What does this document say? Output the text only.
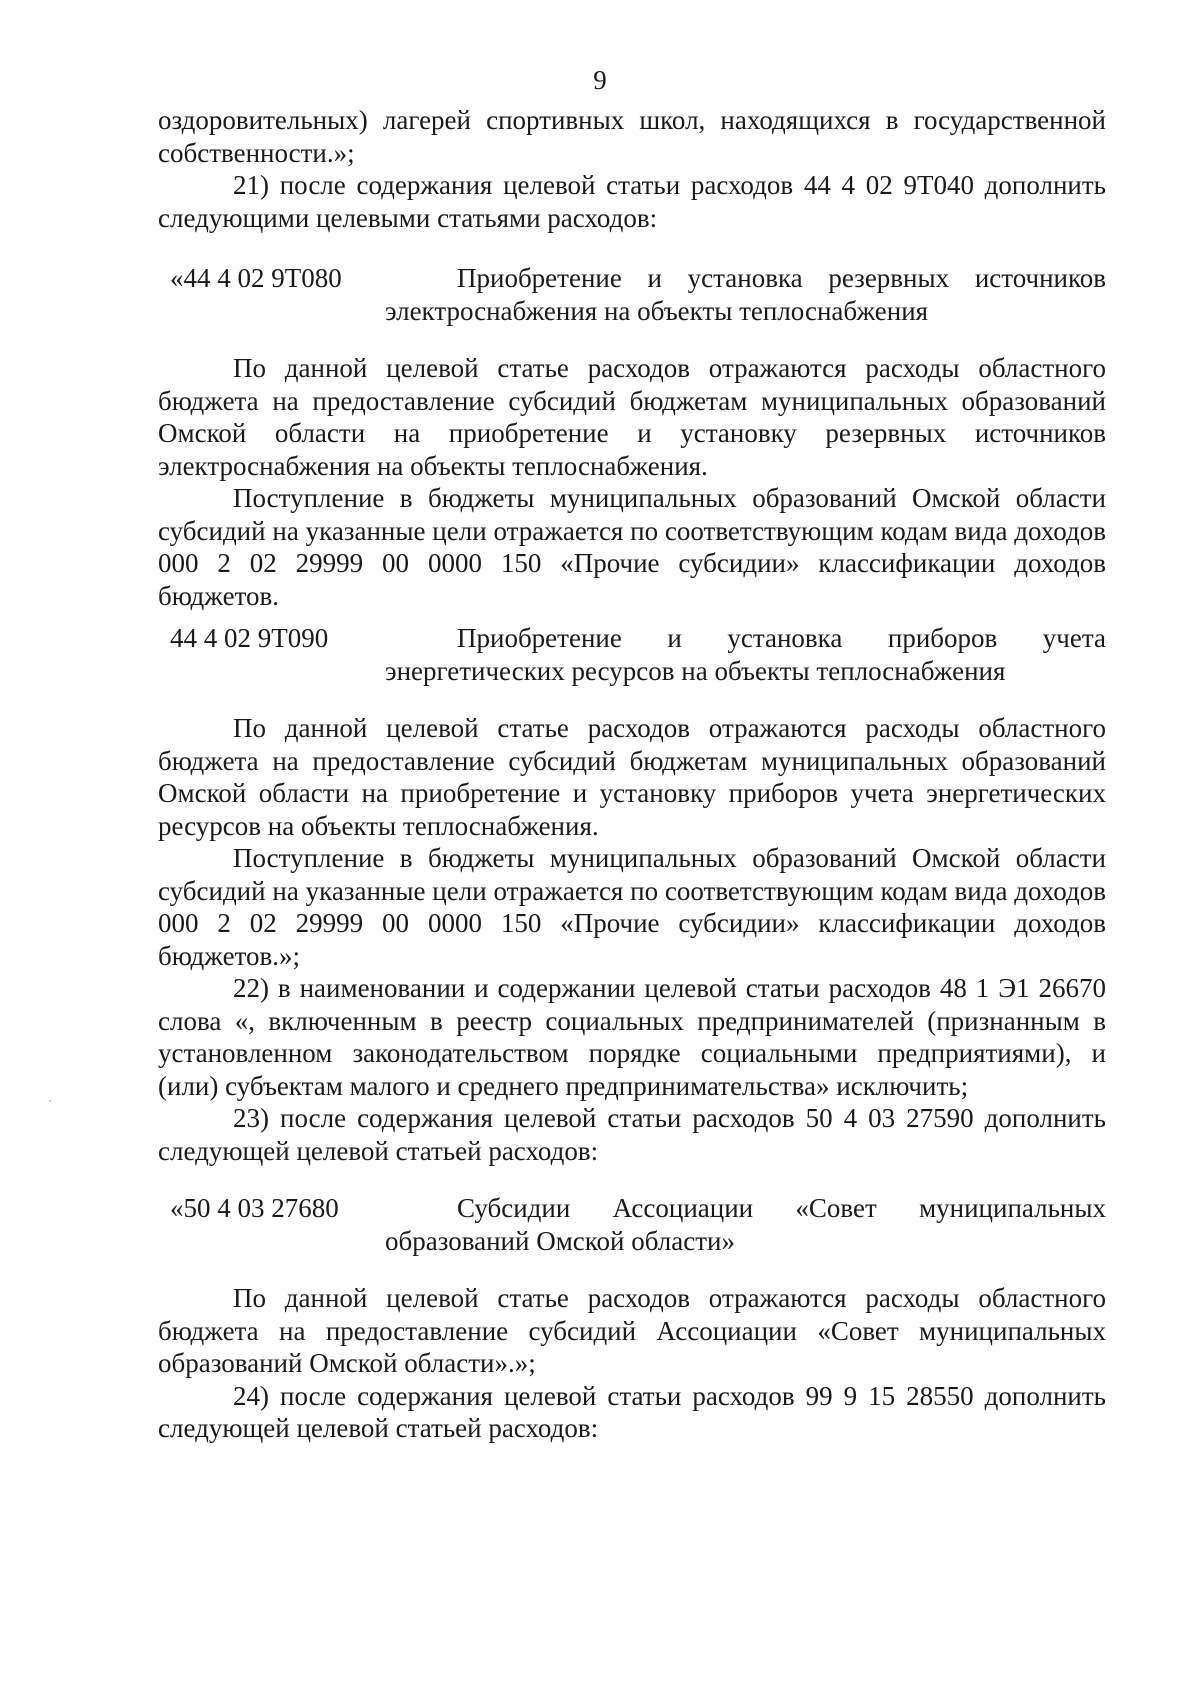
9

оздоровительных) лагерей спортивных школ, находящихся в государственной собственности.»;

21) после содержания целевой статьи расходов 44 4 02 9Т040 дополнить следующими целевыми статьями расходов:

«44 4 02 9Т080	Приобретение и установка резервных источников электроснабжения на объекты теплоснабжения

По данной целевой статье расходов отражаются расходы областного бюджета на предоставление субсидий бюджетам муниципальных образований Омской области на приобретение и установку резервных источников электроснабжения на объекты теплоснабжения.

Поступление в бюджеты муниципальных образований Омской области субсидий на указанные цели отражается по соответствующим кодам вида доходов 000 2 02 29999 00 0000 150 «Прочие субсидии» классификации доходов бюджетов.

44 4 02 9Т090	Приобретение и установка приборов учета энергетических ресурсов на объекты теплоснабжения

По данной целевой статье расходов отражаются расходы областного бюджета на предоставление субсидий бюджетам муниципальных образований Омской области на приобретение и установку приборов учета энергетических ресурсов на объекты теплоснабжения.

Поступление в бюджеты муниципальных образований Омской области субсидий на указанные цели отражается по соответствующим кодам вида доходов 000 2 02 29999 00 0000 150 «Прочие субсидии» классификации доходов бюджетов.»;

22) в наименовании и содержании целевой статьи расходов 48 1 Э1 26670 слова «, включенным в реестр социальных предпринимателей (признанным в установленном законодательством порядке социальными предприятиями), и (или) субъектам малого и среднего предпринимательства» исключить;

23) после содержания целевой статьи расходов 50 4 03 27590 дополнить следующей целевой статьей расходов:

«50 4 03 27680	Субсидии Ассоциации «Совет муниципальных образований Омской области»

По данной целевой статье расходов отражаются расходы областного бюджета на предоставление субсидий Ассоциации «Совет муниципальных образований Омской области».»;

24) после содержания целевой статьи расходов 99 9 15 28550 дополнить следующей целевой статьей расходов:
